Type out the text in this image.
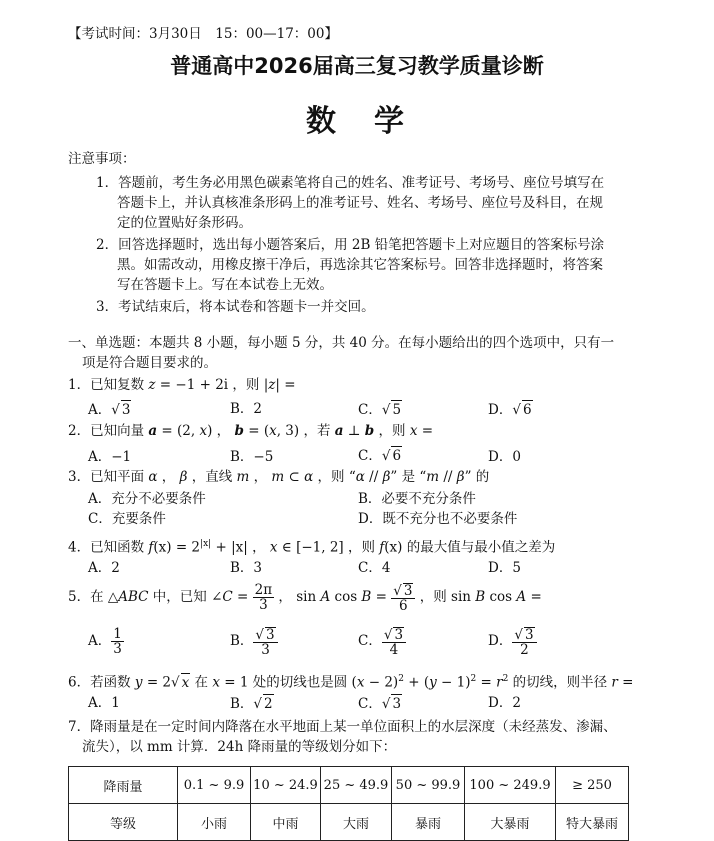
【考试时间：3月30日　15：00—17：00】
普通高中2026届高三复习教学质量诊断
数　学
注意事项：
1．答题前，考生务必用黑色碳素笔将自己的姓名、准考证号、考场号、座位号填写在
答题卡上，并认真核准条形码上的准考证号、姓名、考场号、座位号及科目，在规
定的位置贴好条形码。
2．回答选择题时，选出每小题答案后，用 2B 铅笔把答题卡上对应题目的答案标号涂
黑。如需改动，用橡皮擦干净后，再选涂其它答案标号。回答非选择题时，将答案
写在答题卡上。写在本试卷上无效。
3．考试结束后，将本试卷和答题卡一并交回。
一、单选题：本题共 8 小题，每小题 5 分，共 40 分。在每小题给出的四个选项中，只有一
项是符合题目要求的。
1．已知复数 z = −1 + 2i ，则 |z| =
A．√ 3	B．2	C．√ 5	D．√ 6
2．已知向量 a = (2, x) ， b = (x, 3) ，若 a ⊥ b ，则 x =
A．−1	B．−5	C．√ 6	D．0
3．已知平面 α ， β ，直线 m ， m ⊂ α ，则 “α // β” 是 “m // β” 的
A．充分不必要条件	B．必要不充分条件
C．充要条件	D．既不充分也不必要条件
4．已知函数 $f(x) = 2^{|x|} + |x|$ ， x ∈ [−1, 2] ，则 f(x) 的最大值与最小值之差为
A．2	B．3	C．4	D．5
5．在 △ABC 中，已知 ∠C = $\frac{2\pi}{3}$ ， sin A $\cos B = \frac{√ 3}{6}$ ，则 sin B cos A =
A． $\frac{1}{3}$	B． $\frac{√ 3}{3}$	C． $\frac{√ 3}{4}$	D． $\frac{√ 3}{2}$
6．若函数 y = 2√ x 在 x = 1 处的切线也是圆 $(x - 2)^2 + (y - 1)^2 = r^2$ 的切线，则半径 r =
A．1	B．√ 2	C．√ 3	D．2
7．降雨量是在一定时间内降落在水平地面上某一单位面积上的水层深度（未经蒸发、渗漏、
流失），以 mm 计算．24h 降雨量的等级划分如下：
降雨量	0.1 ~ 9.9	10 ~ 24.9	25 ~ 49.9	50 ~ 99.9	100 ~ 249.9	≥ 250
等级	小雨	中雨	大雨	暴雨	大暴雨	特大暴雨
